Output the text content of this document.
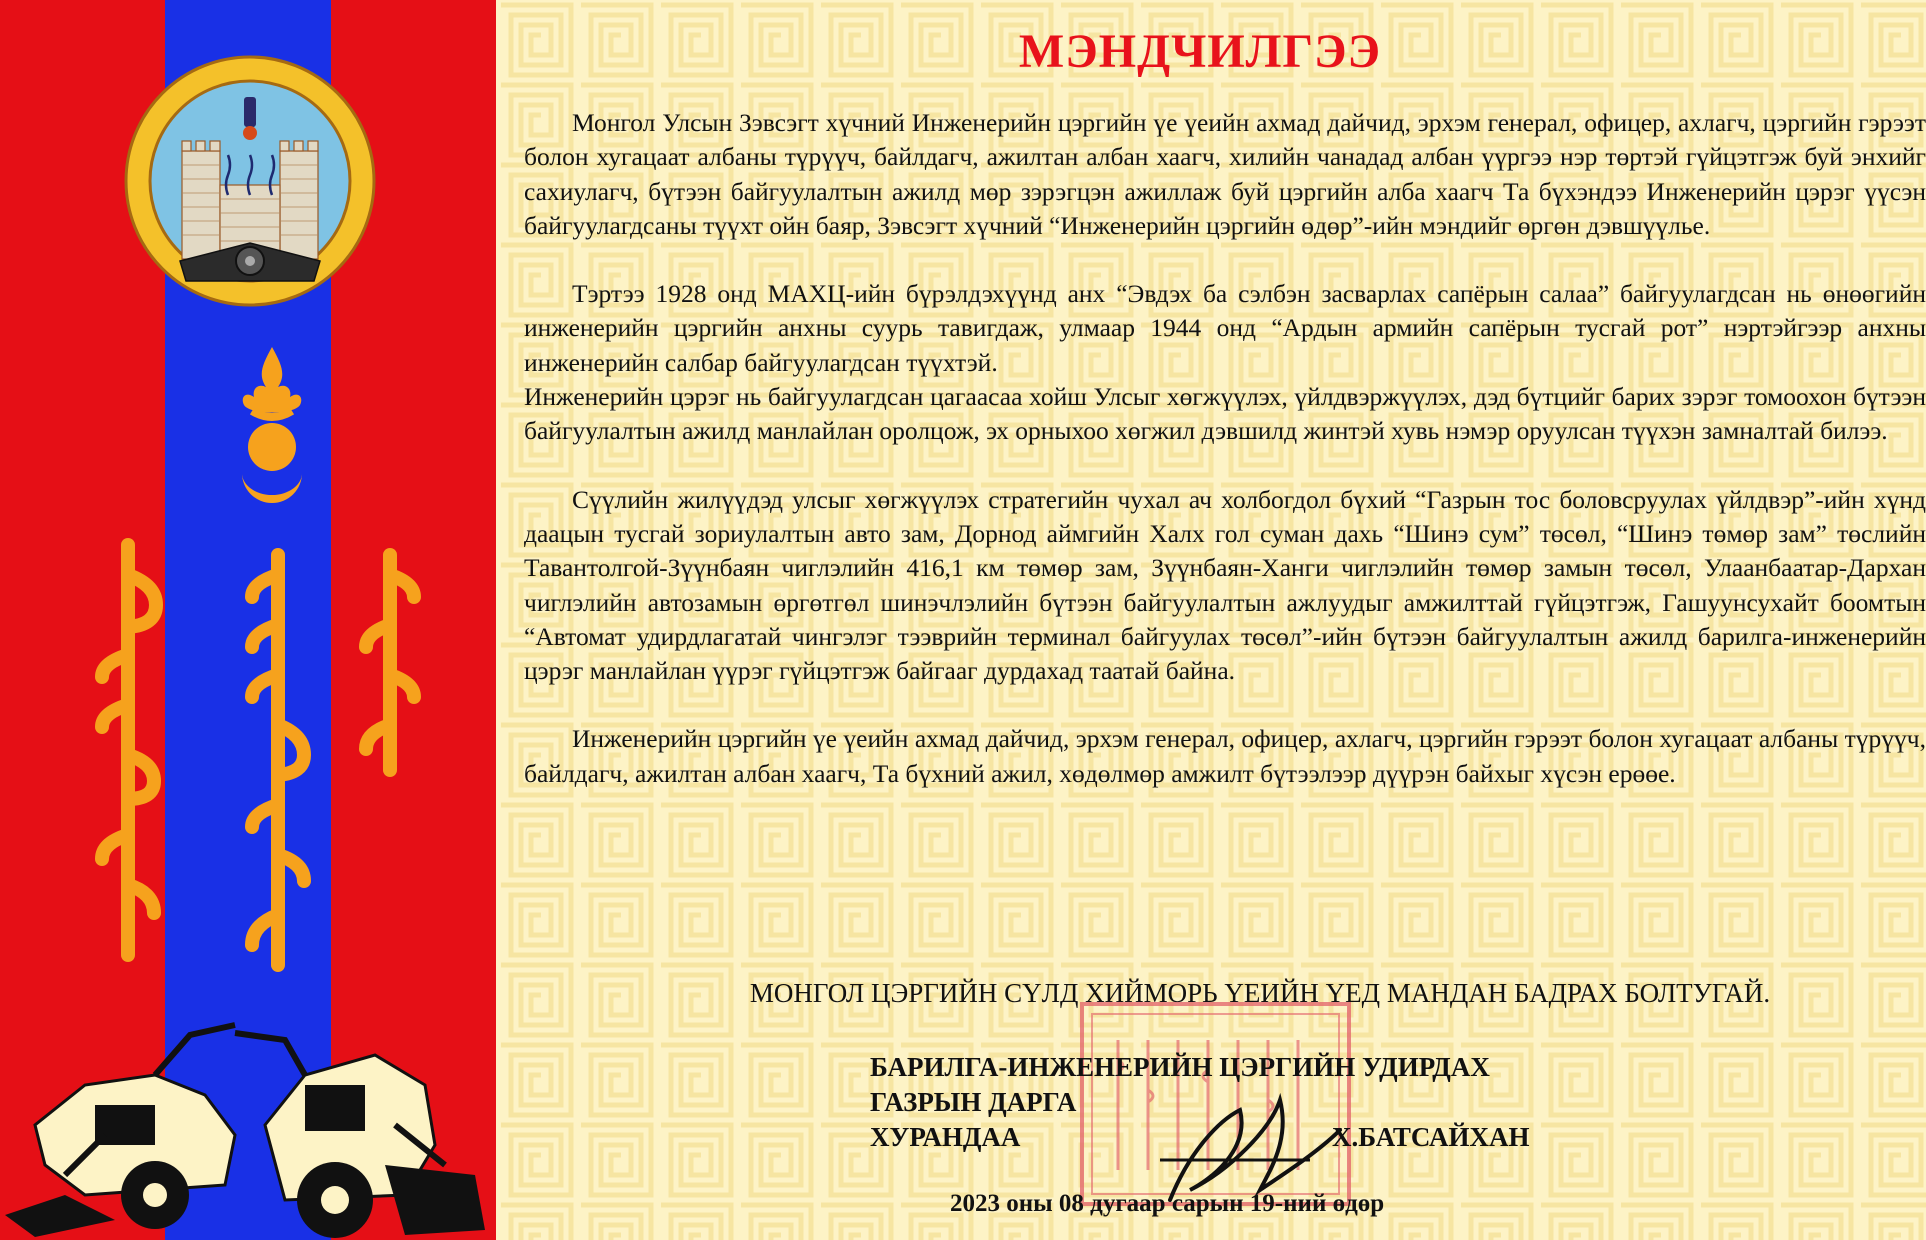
МЭНДЧИЛГЭЭ

Монгол Улсын Зэвсэгт хүчний Инженерийн цэргийн үе үеийн ахмад дайчид, эрхэм генерал, офицер, ахлагч, цэргийн гэрээт болон хугацаат албаны түрүүч, байлдагч, ажилтан албан хаагч, хилийн чанадад албан үүргээ нэр төртэй гүйцэтгэж буй энхийг сахиулагч, бүтээн байгуулалтын ажилд мөр зэрэгцэн ажиллаж буй цэргийн алба хаагч Та бүхэндээ Инженерийн цэрэг үүсэн байгуулагдсаны түүхт ойн баяр, Зэвсэгт хүчний “Инженерийн цэргийн өдөр”-ийн мэндийг өргөн дэвшүүлье.

Тэртээ 1928 онд МАХЦ-ийн бүрэлдэхүүнд анх “Эвдэх ба сэлбэн засварлах сапёрын салаа” байгуулагдсан нь өнөөгийн инженерийн цэргийн анхны суурь тавигдаж, улмаар 1944 онд “Ардын армийн сапёрын тусгай рот” нэртэйгээр анхны инженерийн салбар байгуулагдсан түүхтэй.

Инженерийн цэрэг нь байгуулагдсан цагаасаа хойш Улсыг хөгжүүлэх, үйлдвэржүүлэх, дэд бүтцийг барих зэрэг томоохон бүтээн байгуулалтын ажилд манлайлан оролцож, эх орныхоо хөгжил дэвшилд жинтэй хувь нэмэр оруулсан түүхэн замналтай билээ.

Сүүлийн жилүүдэд улсыг хөгжүүлэх стратегийн чухал ач холбогдол бүхий “Газрын тос боловсруулах үйлдвэр”-ийн хүнд даацын тусгай зориулалтын авто зам, Дорнод аймгийн Халх гол суман дахь “Шинэ сум” төсөл, “Шинэ төмөр зам” төслийн Тавантолгой-Зүүнбаян чиглэлийн 416,1 км төмөр зам, Зүүнбаян-Ханги чиглэлийн төмөр замын төсөл, Улаанбаатар-Дархан чиглэлийн автозамын өргөтгөл шинэчлэлийн бүтээн байгуулалтын ажлуудыг амжилттай гүйцэтгэж, Гашуунсухайт боомтын “Автомат удирдлагатай чингэлэг тээврийн терминал байгуулах төсөл”-ийн бүтээн байгуулалтын ажилд барилга-инженерийн цэрэг манлайлан үүрэг гүйцэтгэж байгааг дурдахад таатай байна.

Инженерийн цэргийн үе үеийн ахмад дайчид, эрхэм генерал, офицер, ахлагч, цэргийн гэрээт болон хугацаат албаны түрүүч, байлдагч, ажилтан албан хаагч, Та бүхний ажил, хөдөлмөр амжилт бүтээлээр дүүрэн байхыг хүсэн ерөөе.

МОНГОЛ ЦЭРГИЙН СҮЛД ХИЙМОРЬ ҮЕИЙН ҮЕД МАНДАН БАДРАХ БОЛТУГАЙ.
БАРИЛГА-ИНЖЕНЕРИЙН ЦЭРГИЙН УДИРДАХ
ГАЗРЫН ДАРГА
ХУРАНДАА	Х.БАТСАЙХАН
2023 оны 08 дугаар сарын 19-ний өдөр
